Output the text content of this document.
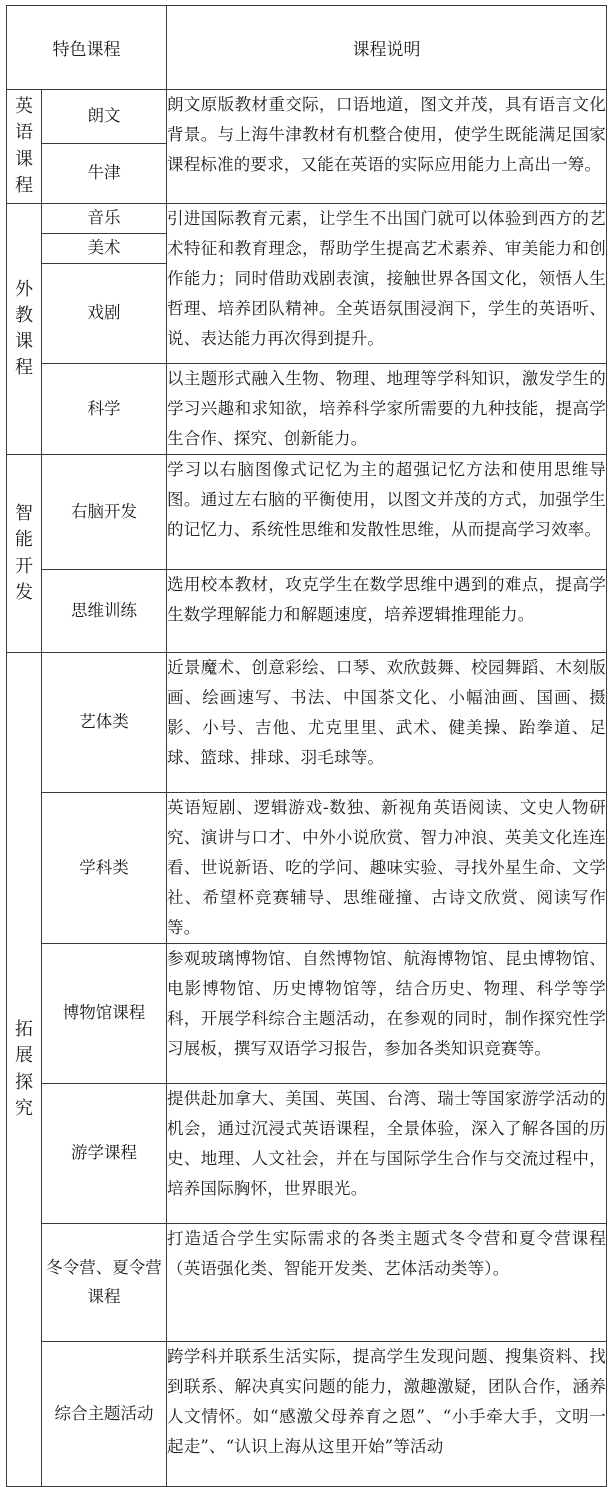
特色课程		课程说明

英语课程	朗文	朗文原版教材重交际，口语地道，图文并茂，具有语言文化背景。与上海牛津教材有机整合使用，使学生既能满足国家课程标准的要求，又能在英语的实际应用能力上高出一筹。
	牛津	

外教课程	音乐	引进国际教育元素，让学生不出国门就可以体验到西方的艺术特征和教育理念，帮助学生提高艺术素养、审美能力和创作能力；同时借助戏剧表演，接触世界各国文化，领悟人生哲理、培养团队精神。全英语氛围浸润下，学生的英语听、说、表达能力再次得到提升。
	美术	
	戏剧	
	科学	以主题形式融入生物、物理、地理等学科知识，激发学生的学习兴趣和求知欲，培养科学家所需要的九种技能，提高学生合作、探究、创新能力。

智能开发	右脑开发	学习以右脑图像式记忆为主的超强记忆方法和使用思维导图。通过左右脑的平衡使用，以图文并茂的方式，加强学生的记忆力、系统性思维和发散性思维，从而提高学习效率。
	思维训练	选用校本教材，攻克学生在数学思维中遇到的难点，提高学生数学理解能力和解题速度，培养逻辑推理能力。

拓展探究	艺体类	近景魔术、创意彩绘、口琴、欢欣鼓舞、校园舞蹈、木刻版画、绘画速写、书法、中国茶文化、小幅油画、国画、摄影、小号、吉他、尤克里里、武术、健美操、跆拳道、足球、篮球、排球、羽毛球等。
	学科类	英语短剧、逻辑游戏-数独、新视角英语阅读、文史人物研究、演讲与口才、中外小说欣赏、智力冲浪、英美文化连连看、世说新语、吃的学问、趣味实验、寻找外星生命、文学社、希望杯竞赛辅导、思维碰撞、古诗文欣赏、阅读写作等。
	博物馆课程	参观玻璃博物馆、自然博物馆、航海博物馆、昆虫博物馆、电影博物馆、历史博物馆等，结合历史、物理、科学等学科，开展学科综合主题活动，在参观的同时，制作探究性学习展板，撰写双语学习报告，参加各类知识竞赛等。
	游学课程	提供赴加拿大、美国、英国、台湾、瑞士等国家游学活动的机会，通过沉浸式英语课程，全景体验，深入了解各国的历史、地理、人文社会，并在与国际学生合作与交流过程中，培养国际胸怀，世界眼光。
	冬令营、夏令营课程	打造适合学生实际需求的各类主题式冬令营和夏令营课程（英语强化类、智能开发类、艺体活动类等）。
	综合主题活动	跨学科并联系生活实际，提高学生发现问题、搜集资料、找到联系、解决真实问题的能力，激趣激疑，团队合作，涵养人文情怀。如“感激父母养育之恩”、“小手牵大手，文明一起走”、“认识上海从这里开始”等活动
